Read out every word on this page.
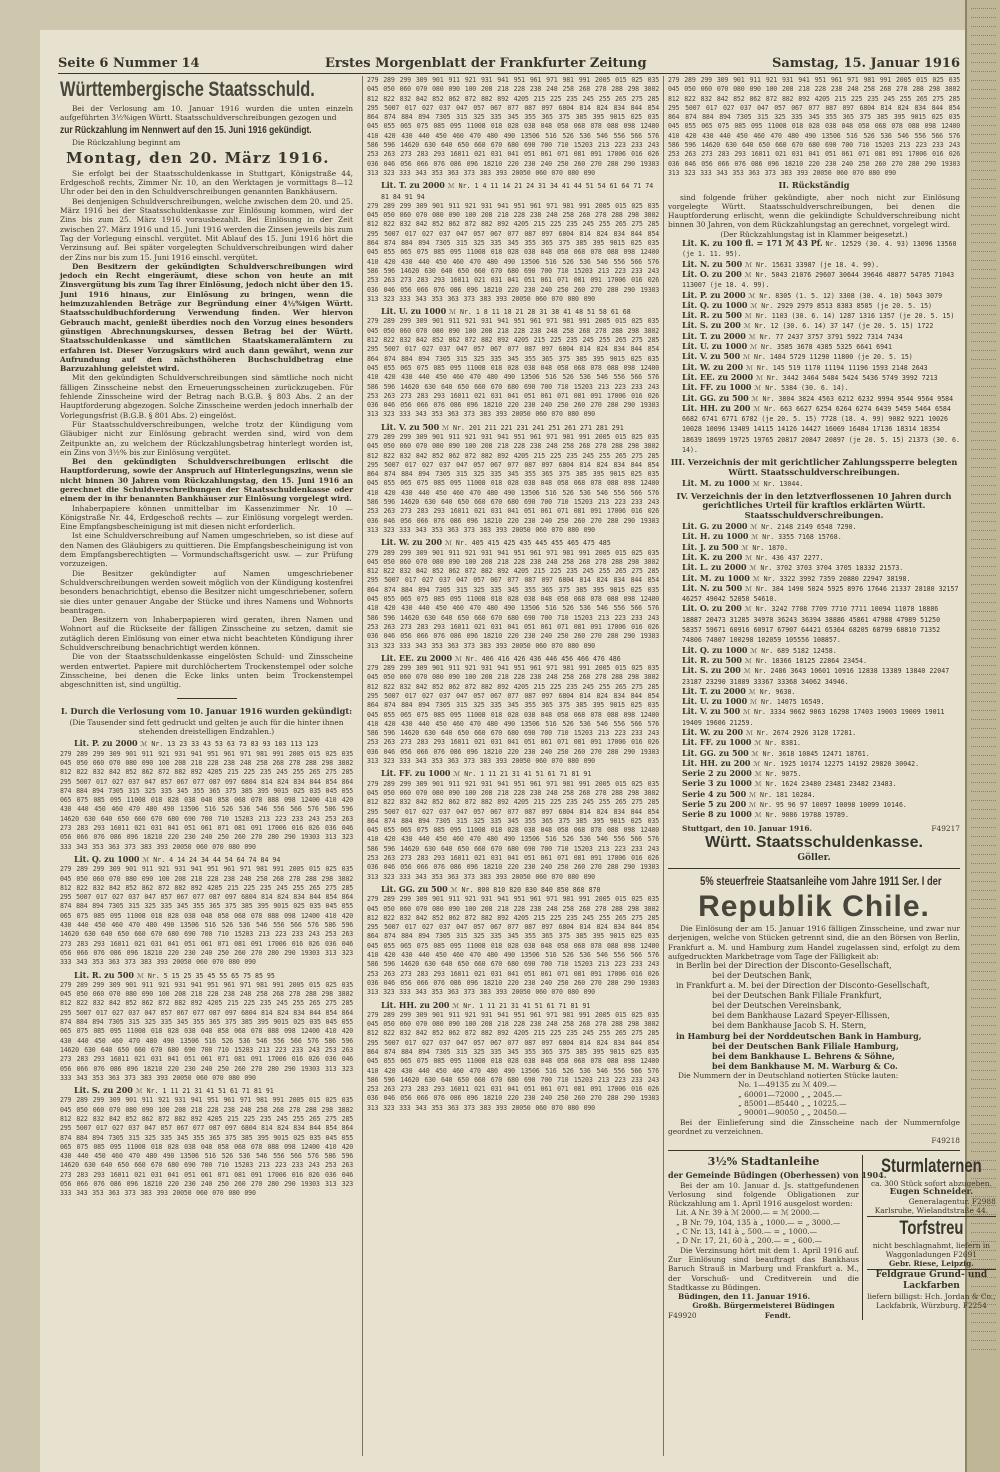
Seite 6 Nummer 14	Erstes Morgenblatt der Frankfurter Zeitung	Samstag, 15. Januar 1916
Württembergische Staatsschuld.
Bei der Verlosung am 10. Januar 1916 wurden die unten einzeln aufgeführten 3½%igen Württ. Staatsschuldverschreibungen gezogen und
zur Rückzahlung im Nennwert auf den 15. Juni 1916 gekündigt.
Die Rückzahlung beginnt am
Montag, den 20. März 1916.
Sie erfolgt bei der Staatsschuldenkasse in Stuttgart, Königstraße 44, Erdgeschoß rechts, Zimmer Nr. 10, an den Werktagen je vormittags 8—12 Uhr oder bei den in den Schuldverschreibungen genannten Bankhäusern.
Bei denjenigen Schuldverschreibungen, welche zwischen dem 20. und 25. März 1916 bei der Staatsschuldenkasse zur Einlösung kommen, wird der Zins bis zum 25. März 1916 vorausbezahlt. Bei Einlösung in der Zeit zwischen 27. März 1916 und 15. Juni 1916 werden die Zinsen jeweils bis zum Tag der Vorlegung einschl. vergütet. Mit Ablauf des 15. Juni 1916 hört die Verzinsung auf. Bei später vorgelegten Schuldverschreibungen wird daher der Zins nur bis zum 15. Juni 1916 einschl. vergütet.
Den Besitzern der gekündigten Schuldverschreibungen wird jedoch ein Recht eingeräumt, diese schon von heute an mit Zinsvergütung bis zum Tag ihrer Einlösung, jedoch nicht über den 15. Juni 1916 hinaus, zur Einlösung zu bringen, wenn die heimzuzahlenden Beträge zur Begründung einer 4½%igen Württ. Staatsschuldbuchforderung Verwendung finden. Wer hiervon Gebrauch macht, genießt überdies noch den Vorzug eines besonders günstigen Abrechnungskurses, dessen Betrag bei der Württ. Staatsschuldenkasse und sämtlichen Staatskameralämtern zu erfahren ist. Dieser Vorzugskurs wird auch dann gewährt, wenn zur Aufrundung auf den nächsthöheren Buchschuldbetrag eine Barzuzahlung geleistet wird.
Mit den gekündigten Schuldverschreibungen sind sämtliche noch nicht fälligen Zinsscheine nebst den Erneuerungsscheinen zurückzugeben. Für fehlende Zinsscheine wird der Betrag nach B.G.B. § 803 Abs. 2 an der Hauptforderung abgezogen. Solche Zinsscheine werden jedoch innerhalb der Vorlegungsfrist (B.G.B. § 801 Abs. 2) eingelöst.
Für Staatsschuldverschreibungen, welche trotz der Kündigung vom Gläubiger nicht zur Einlösung gebracht werden sind, wird von dem Zeitpunkte an, zu welchem der Rückzahlungsbetrag hinterlegt worden ist, ein Zins von 3½% bis zur Einlösung vergütet.
Bei den gekündigten Schuldverschreibungen erlischt die Hauptforderung, sowie der Anspruch auf Hinterlegungszins, wenn sie nicht binnen 30 Jahren vom Rückzahlungstag, den 15. Juni 1916 an gerechnet die Schuldverschreibungen der Staatsschuldenkasse oder einem der in ihr benannten Bankhäuser zur Einlösung vorgelegt wird.
Inhaberpapiere können unmittelbar im Kassenzimmer Nr. 10 — Königstraße Nr. 44, Erdgeschoß rechts — zur Einlösung vorgelegt werden. Eine Empfangsbescheinigung ist mit diesen nicht erforderlich.
Ist eine Schuldverschreibung auf Namen umgeschrieben, so ist diese auf den Namen des Gläubigers zu quittieren. Die Empfangsbescheinigung ist von dem Empfangsberechtigten — Vormundschaftsgericht usw. — zur Prüfung vorzuzeigen.
Die Besitzer gekündigter auf Namen umgeschriebener Schuldverschreibungen werden soweit möglich von der Kündigung kostenfrei besonders benachrichtigt, ebenso die Besitzer nicht umgeschriebener, sofern sie dies unter genauer Angabe der Stücke und ihres Namens und Wohnorts beantragen.
Den Besitzern von Inhaberpapieren wird geraten, ihren Namen und Wohnort auf die Rückseite der fälligen Zinsscheine zu setzen, damit sie zutäglich deren Einlösung von einer etwa nicht beachteten Kündigung ihrer Schuldverschreibung benachrichtigt werden können.
Die von der Staatsschuldenkasse eingelösten Schuld- und Zinsscheine werden entwertet. Papiere mit durchlöchertem Trockenstempel oder solche Zinsscheine, bei denen die Ecke links unten beim Trockenstempel abgeschnitten ist, sind ungültig.
I. Durch die Verlosung vom 10. Januar 1916 wurden gekündigt:
(Die Tausender sind fett gedruckt und gelten je auch für die hinter ihnen stehenden dreistelligen Endzahlen.)
Lit. P. zu 2000 ℳ Nr. 13 23 33 43 53 63 73 83 93 103 113 123
279 289 299 309 901 911 921 931 941 951 961 971 981 991 2005 015 025 035 045 050 060 070 080 090 100 208 218 228 238 248 258 268 278 288 298 3802 812 822 832 842 852 862 872 882 892 4205 215 225 235 245 255 265 275 285 295 5007 017 027 037 047 057 067 077 087 097 6804 814 824 834 844 854 864 874 884 894 7305 315 325 335 345 355 365 375 385 395 9015 025 035 045 055 065 075 085 095 11008 018 028 038 048 058 068 078 088 098 12400 410 420 430 440 450 460 470 480 490 13506 516 526 536 546 556 566 576 586 596 14620 630 640 650 660 670 680 690 700 710 15203 213 223 233 243 253 263 273 283 293 16011 021 031 041 051 061 071 081 091 17006 016 026 036 046 056 066 076 086 096 18210 220 230 240 250 260 270 280 290 19303 313 323 333 343 353 363 373 383 393 20050 060 070 080 090
Lit. Q. zu 1000 ℳ Nr. 4 14 24 34 44 54 64 74 84 94
279 289 299 309 901 911 921 931 941 951 961 971 981 991 2005 015 025 035 045 050 060 070 080 090 100 208 218 228 238 248 258 268 278 288 298 3802 812 822 832 842 852 862 872 882 892 4205 215 225 235 245 255 265 275 285 295 5007 017 027 037 047 057 067 077 087 097 6804 814 824 834 844 854 864 874 884 894 7305 315 325 335 345 355 365 375 385 395 9015 025 035 045 055 065 075 085 095 11008 018 028 038 048 058 068 078 088 098 12400 410 420 430 440 450 460 470 480 490 13506 516 526 536 546 556 566 576 586 596 14620 630 640 650 660 670 680 690 700 710 15203 213 223 233 243 253 263 273 283 293 16011 021 031 041 051 061 071 081 091 17006 016 026 036 046 056 066 076 086 096 18210 220 230 240 250 260 270 280 290 19303 313 323 333 343 353 363 373 383 393 20050 060 070 080 090
Lit. R. zu 500 ℳ Nr. 5 15 25 35 45 55 65 75 85 95
279 289 299 309 901 911 921 931 941 951 961 971 981 991 2005 015 025 035 045 050 060 070 080 090 100 208 218 228 238 248 258 268 278 288 298 3802 812 822 832 842 852 862 872 882 892 4205 215 225 235 245 255 265 275 285 295 5007 017 027 037 047 057 067 077 087 097 6804 814 824 834 844 854 864 874 884 894 7305 315 325 335 345 355 365 375 385 395 9015 025 035 045 055 065 075 085 095 11008 018 028 038 048 058 068 078 088 098 12400 410 420 430 440 450 460 470 480 490 13506 516 526 536 546 556 566 576 586 596 14620 630 640 650 660 670 680 690 700 710 15203 213 223 233 243 253 263 273 283 293 16011 021 031 041 051 061 071 081 091 17006 016 026 036 046 056 066 076 086 096 18210 220 230 240 250 260 270 280 290 19303 313 323 333 343 353 363 373 383 393 20050 060 070 080 090
Lit. S. zu 200 ℳ Nr. 1 11 21 31 41 51 61 71 81 91
279 289 299 309 901 911 921 931 941 951 961 971 981 991 2005 015 025 035 045 050 060 070 080 090 100 208 218 228 238 248 258 268 278 288 298 3802 812 822 832 842 852 862 872 882 892 4205 215 225 235 245 255 265 275 285 295 5007 017 027 037 047 057 067 077 087 097 6804 814 824 834 844 854 864 874 884 894 7305 315 325 335 345 355 365 375 385 395 9015 025 035 045 055 065 075 085 095 11008 018 028 038 048 058 068 078 088 098 12400 410 420 430 440 450 460 470 480 490 13506 516 526 536 546 556 566 576 586 596 14620 630 640 650 660 670 680 690 700 710 15203 213 223 233 243 253 263 273 283 293 16011 021 031 041 051 061 071 081 091 17006 016 026 036 046 056 066 076 086 096 18210 220 230 240 250 260 270 280 290 19303 313 323 333 343 353 363 373 383 393 20050 060 070 080 090
279 289 299 309 901 911 921 931 941 951 961 971 981 991 2005 015 025 035 045 050 060 070 080 090 100 208 218 228 238 248 258 268 278 288 298 3802 812 822 832 842 852 862 872 882 892 4205 215 225 235 245 255 265 275 285 295 5007 017 027 037 047 057 067 077 087 097 6804 814 824 834 844 854 864 874 884 894 7305 315 325 335 345 355 365 375 385 395 9015 025 035 045 055 065 075 085 095 11008 018 028 038 048 058 068 078 088 098 12400 410 420 430 440 450 460 470 480 490 13506 516 526 536 546 556 566 576 586 596 14620 630 640 650 660 670 680 690 700 710 15203 213 223 233 243 253 263 273 283 293 16011 021 031 041 051 061 071 081 091 17006 016 026 036 046 056 066 076 086 096 18210 220 230 240 250 260 270 280 290 19303 313 323 333 343 353 363 373 383 393 20050 060 070 080 090
Lit. T. zu 2000 ℳ Nr. 1 4 11 14 21 24 31 34 41 44 51 54 61 64 71 74 81 84 91 94
279 289 299 309 901 911 921 931 941 951 961 971 981 991 2005 015 025 035 045 050 060 070 080 090 100 208 218 228 238 248 258 268 278 288 298 3802 812 822 832 842 852 862 872 882 892 4205 215 225 235 245 255 265 275 285 295 5007 017 027 037 047 057 067 077 087 097 6804 814 824 834 844 854 864 874 884 894 7305 315 325 335 345 355 365 375 385 395 9015 025 035 045 055 065 075 085 095 11008 018 028 038 048 058 068 078 088 098 12400 410 420 430 440 450 460 470 480 490 13506 516 526 536 546 556 566 576 586 596 14620 630 640 650 660 670 680 690 700 710 15203 213 223 233 243 253 263 273 283 293 16011 021 031 041 051 061 071 081 091 17006 016 026 036 046 056 066 076 086 096 18210 220 230 240 250 260 270 280 290 19303 313 323 333 343 353 363 373 383 393 20050 060 070 080 090
Lit. U. zu 1000 ℳ Nr. 1 8 11 18 21 28 31 38 41 48 51 58 61 68
279 289 299 309 901 911 921 931 941 951 961 971 981 991 2005 015 025 035 045 050 060 070 080 090 100 208 218 228 238 248 258 268 278 288 298 3802 812 822 832 842 852 862 872 882 892 4205 215 225 235 245 255 265 275 285 295 5007 017 027 037 047 057 067 077 087 097 6804 814 824 834 844 854 864 874 884 894 7305 315 325 335 345 355 365 375 385 395 9015 025 035 045 055 065 075 085 095 11008 018 028 038 048 058 068 078 088 098 12400 410 420 430 440 450 460 470 480 490 13506 516 526 536 546 556 566 576 586 596 14620 630 640 650 660 670 680 690 700 710 15203 213 223 233 243 253 263 273 283 293 16011 021 031 041 051 061 071 081 091 17006 016 026 036 046 056 066 076 086 096 18210 220 230 240 250 260 270 280 290 19303 313 323 333 343 353 363 373 383 393 20050 060 070 080 090
Lit. V. zu 500 ℳ Nr. 201 211 221 231 241 251 261 271 281 291
279 289 299 309 901 911 921 931 941 951 961 971 981 991 2005 015 025 035 045 050 060 070 080 090 100 208 218 228 238 248 258 268 278 288 298 3802 812 822 832 842 852 862 872 882 892 4205 215 225 235 245 255 265 275 285 295 5007 017 027 037 047 057 067 077 087 097 6804 814 824 834 844 854 864 874 884 894 7305 315 325 335 345 355 365 375 385 395 9015 025 035 045 055 065 075 085 095 11008 018 028 038 048 058 068 078 088 098 12400 410 420 430 440 450 460 470 480 490 13506 516 526 536 546 556 566 576 586 596 14620 630 640 650 660 670 680 690 700 710 15203 213 223 233 243 253 263 273 283 293 16011 021 031 041 051 061 071 081 091 17006 016 026 036 046 056 066 076 086 096 18210 220 230 240 250 260 270 280 290 19303 313 323 333 343 353 363 373 383 393 20050 060 070 080 090
Lit. W. zu 200 ℳ Nr. 405 415 425 435 445 455 465 475 485
279 289 299 309 901 911 921 931 941 951 961 971 981 991 2005 015 025 035 045 050 060 070 080 090 100 208 218 228 238 248 258 268 278 288 298 3802 812 822 832 842 852 862 872 882 892 4205 215 225 235 245 255 265 275 285 295 5007 017 027 037 047 057 067 077 087 097 6804 814 824 834 844 854 864 874 884 894 7305 315 325 335 345 355 365 375 385 395 9015 025 035 045 055 065 075 085 095 11008 018 028 038 048 058 068 078 088 098 12400 410 420 430 440 450 460 470 480 490 13506 516 526 536 546 556 566 576 586 596 14620 630 640 650 660 670 680 690 700 710 15203 213 223 233 243 253 263 273 283 293 16011 021 031 041 051 061 071 081 091 17006 016 026 036 046 056 066 076 086 096 18210 220 230 240 250 260 270 280 290 19303 313 323 333 343 353 363 373 383 393 20050 060 070 080 090
Lit. EE. zu 2000 ℳ Nr. 406 416 426 436 446 456 466 476 486
279 289 299 309 901 911 921 931 941 951 961 971 981 991 2005 015 025 035 045 050 060 070 080 090 100 208 218 228 238 248 258 268 278 288 298 3802 812 822 832 842 852 862 872 882 892 4205 215 225 235 245 255 265 275 285 295 5007 017 027 037 047 057 067 077 087 097 6804 814 824 834 844 854 864 874 884 894 7305 315 325 335 345 355 365 375 385 395 9015 025 035 045 055 065 075 085 095 11008 018 028 038 048 058 068 078 088 098 12400 410 420 430 440 450 460 470 480 490 13506 516 526 536 546 556 566 576 586 596 14620 630 640 650 660 670 680 690 700 710 15203 213 223 233 243 253 263 273 283 293 16011 021 031 041 051 061 071 081 091 17006 016 026 036 046 056 066 076 086 096 18210 220 230 240 250 260 270 280 290 19303 313 323 333 343 353 363 373 383 393 20050 060 070 080 090
Lit. FF. zu 1000 ℳ Nr. 1 11 21 31 41 51 61 71 81 91
279 289 299 309 901 911 921 931 941 951 961 971 981 991 2005 015 025 035 045 050 060 070 080 090 100 208 218 228 238 248 258 268 278 288 298 3802 812 822 832 842 852 862 872 882 892 4205 215 225 235 245 255 265 275 285 295 5007 017 027 037 047 057 067 077 087 097 6804 814 824 834 844 854 864 874 884 894 7305 315 325 335 345 355 365 375 385 395 9015 025 035 045 055 065 075 085 095 11008 018 028 038 048 058 068 078 088 098 12400 410 420 430 440 450 460 470 480 490 13506 516 526 536 546 556 566 576 586 596 14620 630 640 650 660 670 680 690 700 710 15203 213 223 233 243 253 263 273 283 293 16011 021 031 041 051 061 071 081 091 17006 016 026 036 046 056 066 076 086 096 18210 220 230 240 250 260 270 280 290 19303 313 323 333 343 353 363 373 383 393 20050 060 070 080 090
Lit. GG. zu 500 ℳ Nr. 800 810 820 830 840 850 860 870
279 289 299 309 901 911 921 931 941 951 961 971 981 991 2005 015 025 035 045 050 060 070 080 090 100 208 218 228 238 248 258 268 278 288 298 3802 812 822 832 842 852 862 872 882 892 4205 215 225 235 245 255 265 275 285 295 5007 017 027 037 047 057 067 077 087 097 6804 814 824 834 844 854 864 874 884 894 7305 315 325 335 345 355 365 375 385 395 9015 025 035 045 055 065 075 085 095 11008 018 028 038 048 058 068 078 088 098 12400 410 420 430 440 450 460 470 480 490 13506 516 526 536 546 556 566 576 586 596 14620 630 640 650 660 670 680 690 700 710 15203 213 223 233 243 253 263 273 283 293 16011 021 031 041 051 061 071 081 091 17006 016 026 036 046 056 066 076 086 096 18210 220 230 240 250 260 270 280 290 19303 313 323 333 343 353 363 373 383 393 20050 060 070 080 090
Lit. HH. zu 200 ℳ Nr. 1 11 21 31 41 51 61 71 81 91
279 289 299 309 901 911 921 931 941 951 961 971 981 991 2005 015 025 035 045 050 060 070 080 090 100 208 218 228 238 248 258 268 278 288 298 3802 812 822 832 842 852 862 872 882 892 4205 215 225 235 245 255 265 275 285 295 5007 017 027 037 047 057 067 077 087 097 6804 814 824 834 844 854 864 874 884 894 7305 315 325 335 345 355 365 375 385 395 9015 025 035 045 055 065 075 085 095 11008 018 028 038 048 058 068 078 088 098 12400 410 420 430 440 450 460 470 480 490 13506 516 526 536 546 556 566 576 586 596 14620 630 640 650 660 670 680 690 700 710 15203 213 223 233 243 253 263 273 283 293 16011 021 031 041 051 061 071 081 091 17006 016 026 036 046 056 066 076 086 096 18210 220 230 240 250 260 270 280 290 19303 313 323 333 343 353 363 373 383 393 20050 060 070 080 090
279 289 299 309 901 911 921 931 941 951 961 971 981 991 2005 015 025 035 045 050 060 070 080 090 100 208 218 228 238 248 258 268 278 288 298 3802 812 822 832 842 852 862 872 882 892 4205 215 225 235 245 255 265 275 285 295 5007 017 027 037 047 057 067 077 087 097 6804 814 824 834 844 854 864 874 884 894 7305 315 325 335 345 355 365 375 385 395 9015 025 035 045 055 065 075 085 095 11008 018 028 038 048 058 068 078 088 098 12400 410 420 430 440 450 460 470 480 490 13506 516 526 536 546 556 566 576 586 596 14620 630 640 650 660 670 680 690 700 710 15203 213 223 233 243 253 263 273 283 293 16011 021 031 041 051 061 071 081 091 17006 016 026 036 046 056 066 076 086 096 18210 220 230 240 250 260 270 280 290 19303 313 323 333 343 353 363 373 383 393 20050 060 070 080 090
II. Rückständig
sind folgende früher gekündigte, aber noch nicht zur Einlösung vorgelegte Württ. Staatsschuldverschreibungen, bei denen die Hauptforderung erlischt, wenn die gekündigte Schuldverschreibung nicht binnen 30 Jahren, von dem Rückzahlungstag an gerechnet, vorgelegt wird.
(Der Rückzahlungstag ist in Klammer beigesetzt.)
Lit. K. zu 100 fl. = 171 ℳ 43 Pf. Nr. 12529 (30. 4. 93) 13096 13560 (je 1. 11. 95).
Lit. N. zu 500 ℳ Nr. 15631 33987 (je 18. 4. 99).
Lit. O. zu 200 ℳ Nr. 5043 21076 29607 30644 39646 48877 54705 71043 113007 (je 18. 4. 99).
Lit. P. zu 2000 ℳ Nr. 8305 (1. 5. 12) 3308 (30. 4. 10) 5043 3079
Lit. Q. zu 1000 ℳ Nr. 2929 2979 8513 8383 8585 (je 20. 5. 15)
Lit. R. zu 500 ℳ Nr. 1103 (30. 6. 14) 1287 1316 1357 (je 20. 5. 15)
Lit. S. zu 200 ℳ Nr. 12 (30. 6. 14) 37 147 (je 20. 5. 15) 1722
Lit. T. zu 2000 ℳ Nr. 77 2437 3757 3791 5922 7314 7434
Lit. U. zu 1000 ℳ Nr. 3585 3678 4385 5325 6641 6941
Lit. V. zu 500 ℳ Nr. 1484 5729 11290 11800 (je 20. 5. 15)
Lit. W. zu 200 ℳ Nr. 145 519 1170 11194 11196 1593 2148 2643
Lit. EE. zu 2000 ℳ Nr. 3442 3464 5484 5424 5436 5749 3992 7213
Lit. FF. zu 1000 ℳ Nr. 5384 (30. 6. 14).
Lit. GG. zu 500 ℳ Nr. 3804 3824 4563 6212 6232 9994 9544 9564 9584
Lit. HH. zu 200 ℳ Nr. 663 6627 6254 6264 6274 6439 5459 5464 6584 6682 6741 6771 6782 (je 20. 5. 15) 7728 (18. 4. 99) 9082 9221 10026 10028 10096 13409 14115 14126 14427 16069 16484 17136 18314 18354 18639 18699 19725 19765 20817 20847 20897 (je 20. 5. 15) 21373 (30. 6. 14).
III. Verzeichnis der mit gerichtlicher Zahlungssperre belegten Württ. Staatsschuldverschreibungen.
Lit. M. zu 1000 ℳ Nr. 13044.
IV. Verzeichnis der in den letztverflossenen 10 Jahren durch gerichtliches Urteil für kraftlos erklärten Württ. Staatsschuldverschreibungen.
Lit. G. zu 2000 ℳ Nr. 2148 2149 6548 7290.
Lit. H. zu 1000 ℳ Nr. 3355 7168 15768.
Lit. J. zu 500 ℳ Nr. 1870.
Lit. K. zu 200 ℳ Nr. 436 437 2277.
Lit. L. zu 2000 ℳ Nr. 3702 3703 3704 3705 18332 21573.
Lit. M. zu 1000 ℳ Nr. 3322 3992 7359 20880 22947 38198.
Lit. N. zu 500 ℳ Nr. 384 1490 5024 5925 8976 17646 21337 28180 32157 46257 49042 52050 54610.
Lit. O. zu 200 ℳ Nr. 3242 7708 7709 7710 7711 10094 11078 18886 18887 20473 31285 34978 36243 36394 38886 45861 47988 47989 51250 58357 59671 60916 60917 67907 64421 65364 68205 68799 68810 71352 74806 74807 100298 102059 105556 108857.
Lit. Q. zu 1000 ℳ Nr. 689 5182 12458.
Lit. R. zu 500 ℳ Nr. 18366 18125 22864 23454.
Lit. S. zu 200 ℳ Nr. 2486 3643 10601 10916 12838 13389 13840 22047 23187 23290 31889 33367 33368 34062 34946.
Lit. T. zu 2000 ℳ Nr. 9638.
Lit. U. zu 1000 ℳ Nr. 14075 16549.
Lit. V. zu 500 ℳ Nr. 3334 9062 9063 16298 17403 19003 19009 19011 19409 19606 21259.
Lit. W. zu 200 ℳ Nr. 2674 2926 3128 17281.
Lit. FF. zu 1000 ℳ Nr. 8381.
Lit. GG. zu 500 ℳ Nr. 3618 10845 12471 18761.
Lit. HH. zu 200 ℳ Nr. 1925 10174 12275 14192 29820 30042.
Serie 2 zu 2000 ℳ Nr. 9075.
Serie 3 zu 1000 ℳ Nr. 1624 23480 23481 23482 23483.
Serie 4 zu 500 ℳ Nr. 181 10284.
Serie 5 zu 200 ℳ Nr. 95 96 97 10097 10098 10099 10146.
Serie 8 zu 1000 ℳ Nr. 9086 19788 19789.
Stuttgart, den 10. Januar 1916.	F49217
Württ. Staatsschuldenkasse.
Göller.
5% steuerfreie Staatsanleihe vom Jahre 1911 Ser. I der
Republik Chile.
Die Einlösung der am 15. Januar 1916 fälligen Zinsscheine, und zwar nur derjenigen, welche von Stücken getrennt sind, die an den Börsen von Berlin, Frankfurt a. M. und Hamburg zum Handel zugelassen sind, erfolgt zu dem aufgedruckten Markbetrage vom Tage der Fälligkeit ab:
in Berlin bei der Direction der Disconto-Gesellschaft,
bei der Deutschen Bank,
in Frankfurt a. M. bei der Direction der Disconto-Gesellschaft,
bei der Deutschen Bank Filiale Frankfurt,
bei der Deutschen Vereinsbank,
bei dem Bankhause Lazard Speyer-Ellissen,
bei dem Bankhause Jacob S. H. Stern,
in Hamburg bei der Norddeutschen Bank in Hamburg,
bei der Deutschen Bank Filiale Hamburg,
bei dem Bankhause L. Behrens & Söhne,
bei dem Bankhause M. M. Warburg & Co.
Die Nummern der in Deutschland notierten Stücke lauten:
No. 1—49135 zu ℳ 409.—
„ 60001—72000 „ „ 2045.—
„ 85001—85440 „ „ 10225.—
„ 90001—90050 „ „ 20450.—
Bei der Einlieferung sind die Zinsscheine nach der Nummernfolge geordnet zu verzeichnen.
F49218
3½% Stadtanleihe
der Gemeinde Büdingen (Oberhessen) von 1904.
Bei der am 10. Januar d. Js. stattgefundenen Verlosung sind folgende Obligationen zur Rückzahlung am 1. April 1916 ausgelost worden:
Lit. A Nr. 39 à ℳ 2000.— = ℳ 2000.—
„ B Nr. 79, 104, 135 à „ 1000.— = „ 3000.—
„ C Nr. 13, 141 à „ 500.— = „ 1000.—
„ D Nr. 17, 21, 60 à „ 200.— = „ 600.—
Die Verzinsung hört mit dem 1. April 1916 auf. Zur Einlösung sind beauftragt das Bankhaus Baruch Strauß in Marburg und Frankfurt a. M., der Vorschuß- und Creditverein und die Stadtkasse zu Büdingen.
Büdingen, den 11. Januar 1916.
Großh. Bürgermeisterei Büdingen
F49920	Fendt.
Sturmlaternen
ca. 300 Stück sofort abzugeben.
Eugen Schneider.
Generalagentur. F2988
Karlsruhe, Wielandtstraße 44.
Torfstreu
nicht beschlagnahmt, liefern in Waggonladungen F2691
Gebr. Riese, Leipzig.
Feldgraue Grund- und Lackfarben
liefern billigst: Hch. Jordan & Co., Lackfabrik, Würzburg. F2254
